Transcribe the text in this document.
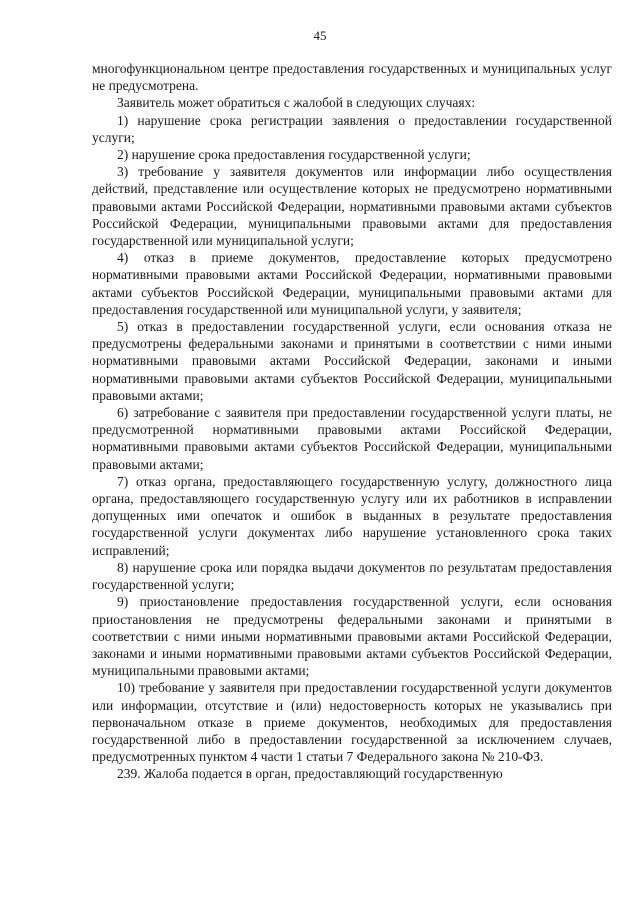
45

многофункциональном центре предоставления государственных и муниципальных услуг не предусмотрена.

Заявитель может обратиться с жалобой в следующих случаях:

1) нарушение срока регистрации заявления о предоставлении государственной услуги;

2) нарушение срока предоставления государственной услуги;

3) требование у заявителя документов или информации либо осуществления действий, представление или осуществление которых не предусмотрено нормативными правовыми актами Российской Федерации, нормативными правовыми актами субъектов Российской Федерации, муниципальными правовыми актами для предоставления государственной или муниципальной услуги;

4) отказ в приеме документов, предоставление которых предусмотрено нормативными правовыми актами Российской Федерации, нормативными правовыми актами субъектов Российской Федерации, муниципальными правовыми актами для предоставления государственной или муниципальной услуги, у заявителя;

5) отказ в предоставлении государственной услуги, если основания отказа не предусмотрены федеральными законами и принятыми в соответствии с ними иными нормативными правовыми актами Российской Федерации, законами и иными нормативными правовыми актами субъектов Российской Федерации, муниципальными правовыми актами;

6) затребование с заявителя при предоставлении государственной услуги платы, не предусмотренной нормативными правовыми актами Российской Федерации, нормативными правовыми актами субъектов Российской Федерации, муниципальными правовыми актами;

7) отказ органа, предоставляющего государственную услугу, должностного лица органа, предоставляющего государственную услугу или их работников в исправлении допущенных ими опечаток и ошибок в выданных в результате предоставления государственной услуги документах либо нарушение установленного срока таких исправлений;

8) нарушение срока или порядка выдачи документов по результатам предоставления государственной услуги;

9) приостановление предоставления государственной услуги, если основания приостановления не предусмотрены федеральными законами и принятыми в соответствии с ними иными нормативными правовыми актами Российской Федерации, законами и иными нормативными правовыми актами субъектов Российской Федерации, муниципальными правовыми актами;

10) требование у заявителя при предоставлении государственной услуги документов или информации, отсутствие и (или) недостоверность которых не указывались при первоначальном отказе в приеме документов, необходимых для предоставления государственной либо в предоставлении государственной за исключением случаев, предусмотренных пунктом 4 части 1 статьи 7 Федерального закона № 210-ФЗ.

239. Жалоба подается в орган, предоставляющий государственную
